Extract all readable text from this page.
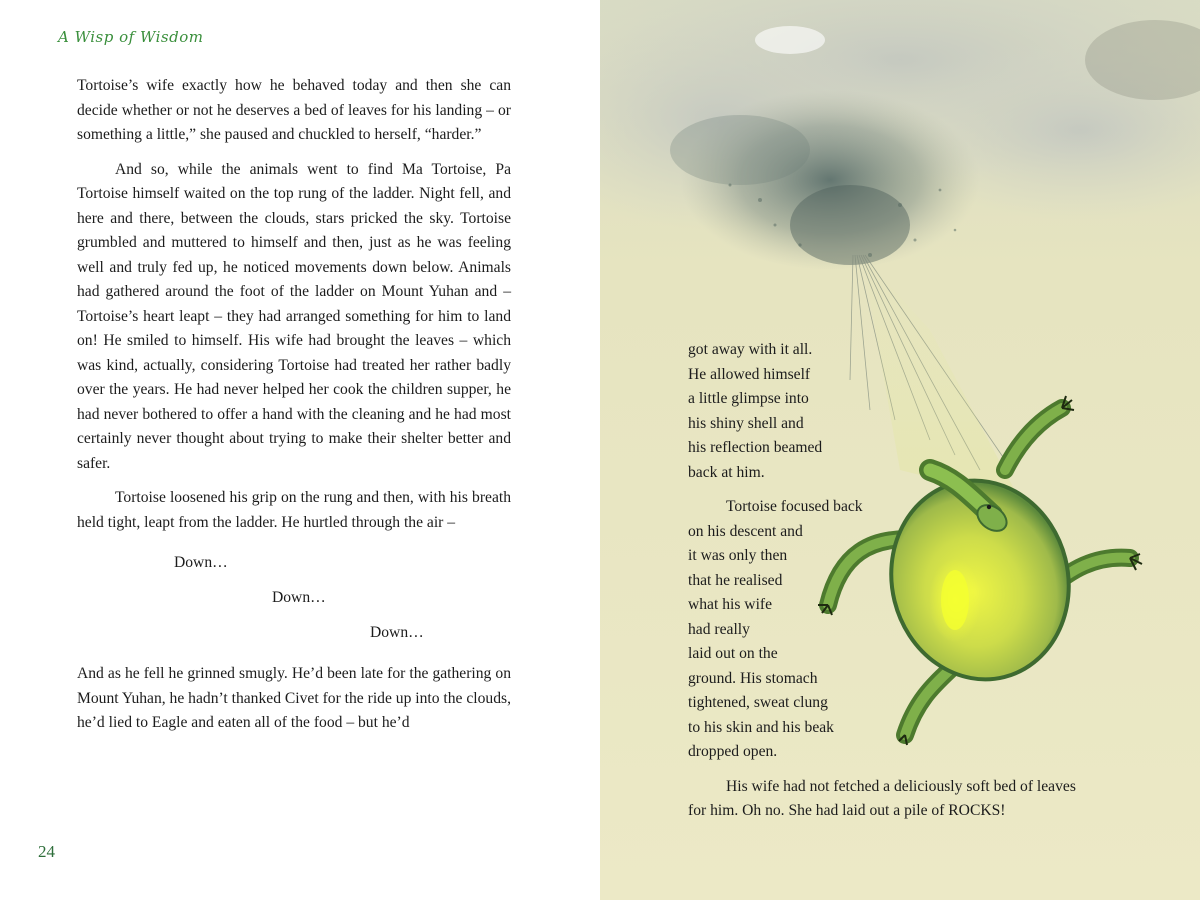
A Wisp of Wisdom

Tortoise’s wife exactly how he behaved today and then she can decide whether or not he deserves a bed of leaves for his landing – or something a little,” she paused and chuckled to herself, “harder.”

And so, while the animals went to find Ma Tortoise, Pa Tortoise himself waited on the top rung of the ladder. Night fell, and here and there, between the clouds, stars pricked the sky. Tortoise grumbled and muttered to himself and then, just as he was feeling well and truly fed up, he noticed movements down below. Animals had gathered around the foot of the ladder on Mount Yuhan and – Tortoise’s heart leapt – they had arranged something for him to land on! He smiled to himself. His wife had brought the leaves – which was kind, actually, considering Tortoise had treated her rather badly over the years. He had never helped her cook the children supper, he had never bothered to offer a hand with the cleaning and he had most certainly never thought about trying to make their shelter better and safer.

Tortoise loosened his grip on the rung and then, with his breath held tight, leapt from the ladder. He hurtled through the air –

Down…
Down…
Down…

And as he fell he grinned smugly. He’d been late for the gathering on Mount Yuhan, he hadn’t thanked Civet for the ride up into the clouds, he’d lied to Eagle and eaten all of the food – but he’d

24
got away with it all.
He allowed himself
a little glimpse into
his shiny shell and
his reflection beamed
back at him.
Tortoise focused back
on his descent and
it was only then
that he realised
what his wife
had really
laid out on the
ground. His stomach
tightened, sweat clung
to his skin and his beak
dropped open.
His wife had not fetched a deliciously soft bed of leaves
for him. Oh no. She had laid out a pile of ROCKS!
